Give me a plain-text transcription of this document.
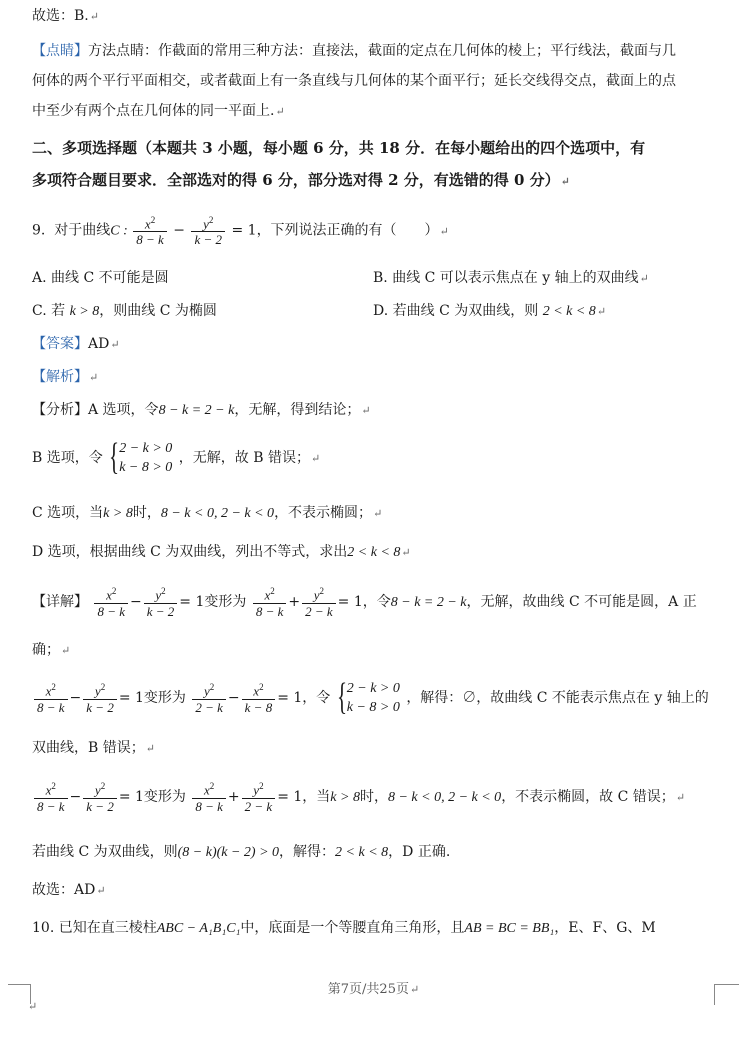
故选：B.↵
【点睛】方法点睛：作截面的常用三种方法：直接法，截面的定点在几何体的棱上；平行线法，截面与几
何体的两个平行平面相交，或者截面上有一条直线与几何体的某个面平行；延长交线得交点，截面上的点
中至少有两个点在几何体的同一平面上.↵
二、多项选择题（本题共 3 小题，每小题 6 分，共 18 分．在每小题给出的四个选项中，有
多项符合题目要求．全部选对的得 6 分，部分选对得 2 分，有选错的得 0 分）↵
9. 对于曲线C : $\frac{x^2}{8 - k} - \frac{y^2}{k - 2} = 1$，下列说法正确的有（　　）↵
A. 曲线 C 不可能是圆	B. 曲线 C 可以表示焦点在 y 轴上的双曲线↵
C. 若 k > 8，则曲线 C 为椭圆	D. 若曲线 C 为双曲线，则 2 < k < 8↵
【答案】AD↵
【解析】↵
【分析】A 选项，令8 − k = 2 − k，无解，得到结论；↵
B 选项，令 { 2 − k > 0
k − 8 > 0
，无解，故 B 错误；↵
C 选项，当k > 8时，8 − k < 0, 2 − k < 0，不表示椭圆；↵
D 选项，根据曲线 C 为双曲线，列出不等式，求出2 < k < 8↵
【详解】 $\frac{x^2}{8 - k} - \frac{y^2}{k - 2} = 1$变形为 $\frac{x^2}{8 - k} + \frac{y^2}{2 - k} = 1$，令8 − k = 2 − k，无解，故曲线 C 不可能是圆，A 正
确；↵
$\frac{x^2}{8 - k} - \frac{y^2}{k - 2} = 1$变形为 $\frac{y^2}{2 - k} - \frac{x^2}{k - 8} = 1$，令 { 2 − k > 0
k − 8 > 0
，解得：∅，故曲线 C 不能表示焦点在 y 轴上的
双曲线，B 错误；↵
$\frac{x^2}{8 - k} - \frac{y^2}{k - 2} = 1$变形为 $\frac{x^2}{8 - k} + \frac{y^2}{2 - k} = 1$，当k > 8时，8 − k < 0, 2 − k < 0，不表示椭圆，故 C 错误；↵
若曲线 C 为双曲线，则(8 − k)(k − 2) > 0，解得：2 < k < 8，D 正确.
故选：AD↵
10. 已知在直三棱柱ABC − A₁B₁C₁中，底面是一个等腰直角三角形，且AB = BC = BB₁，E、F、G、M
第7页/共25页↵
↵
